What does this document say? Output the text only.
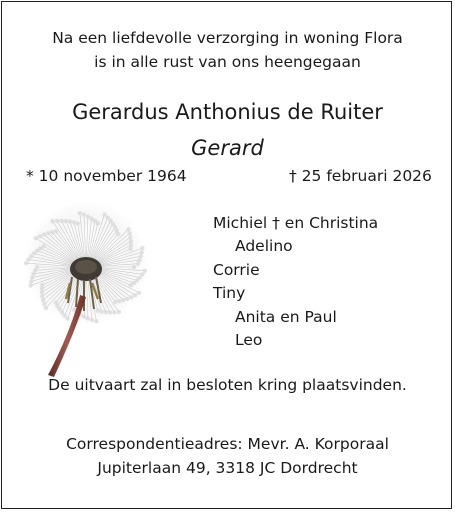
Na een liefdevolle verzorging in woning Flora
is in alle rust van ons heengegaan
Gerardus Anthonius de Ruiter
Gerard
* 10 november 1964	† 25 februari 2026
Michiel † en Christina
Adelino
Corrie
Tiny
Anita en Paul
Leo
De uitvaart zal in besloten kring plaatsvinden.
Correspondentieadres: Mevr. A. Korporaal
Jupiterlaan 49, 3318 JC Dordrecht
